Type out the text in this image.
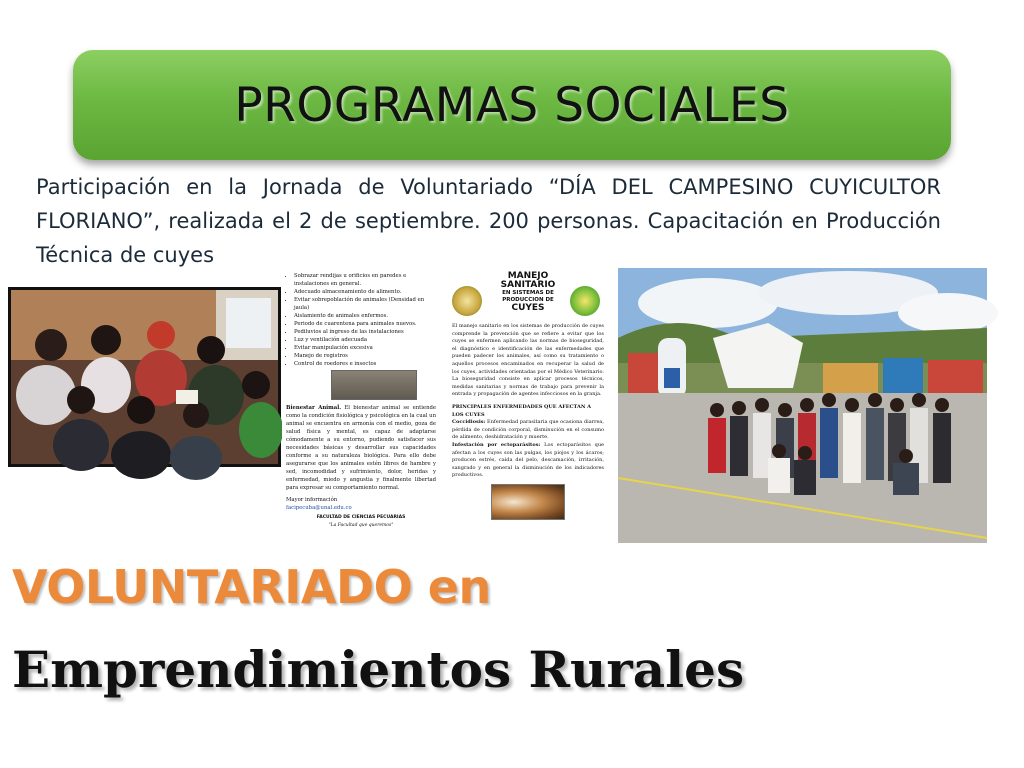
PROGRAMAS SOCIALES
Participación en la Jornada de Voluntariado “DÍA DEL CAMPESINO CUYICULTOR FLORIANO”, realizada el 2 de septiembre. 200 personas. Capacitación en Producción Técnica de cuyes
• Sobrazar rendijas u orificios en paredes e instalaciones en general.
• Adecuado almacenamiento de alimento.
• Evitar sobrepoblación de animales (Densidad en jaula)
• Aislamiento de animales enfermos.
• Periodo de cuarentena para animales nuevos.
• Pediluvios al ingreso de las instalaciones
• Luz y ventilación adecuada
• Evitar manipulación excesiva
• Manejo de registros
• Control de roedores e insectos
Bienestar Animal. El bienestar animal se entiende como la condición fisiológica y psicológica en la cual un animal se encuentra en armonía con el medio, goza de salud física y mental, es capaz de adaptarse cómodamente a su entorno, pudiendo satisfacer sus necesidades básicas y desarrollar sus capacidades conforme a su naturaleza biológica. Para ello debe asegurarse que los animales estén libres de hambre y sed, incomodidad y sufrimiento, dolor, heridas y enfermedad, miedo y angustia y finalmente libertad para expresar su comportamiento normal.
Mayor información
facipecuba@unal.edu.co
FACULTAD DE CIENCIAS PECUARIAS
"La Facultad que queremos"
MANEJO
SANITARIO
EN SISTEMAS DE
PRODUCCION DE
CUYES
El manejo sanitario en los sistemas de producción de cuyes comprende la prevención que se refiere a evitar que los cuyes se enfermen aplicando las normas de bioseguridad, el diagnóstico e identificación de las enfermedades que pueden padecer los animales, así como su tratamiento o aquellos procesos encaminados en recuperar la salud de los cuyes, actividades orientadas por el Médico Veterinario. La bioseguridad consiste en aplicar procesos técnicos, medidas sanitarias y normas de trabajo para prevenir la entrada y propagación de agentes infecciosos en la granja.
PRINCIPALES ENFERMEDADES QUE AFECTAN A LOS CUYES
Coccidiosis: Enfermedad parasitaria que ocasiona diarrea, pérdida de condición corporal, disminución en el consumo de alimento, deshidratación y muerte.
Infestación por ectoparásitos: Los ectoparásitos que afectan a los cuyes son las pulgas, los piojos y los ácaros; producen estrés, caída del pelo, descamación, irritación, sangrado y en general la disminución de los indicadores productivos.
VOLUNTARIADO en
Emprendimientos Rurales
